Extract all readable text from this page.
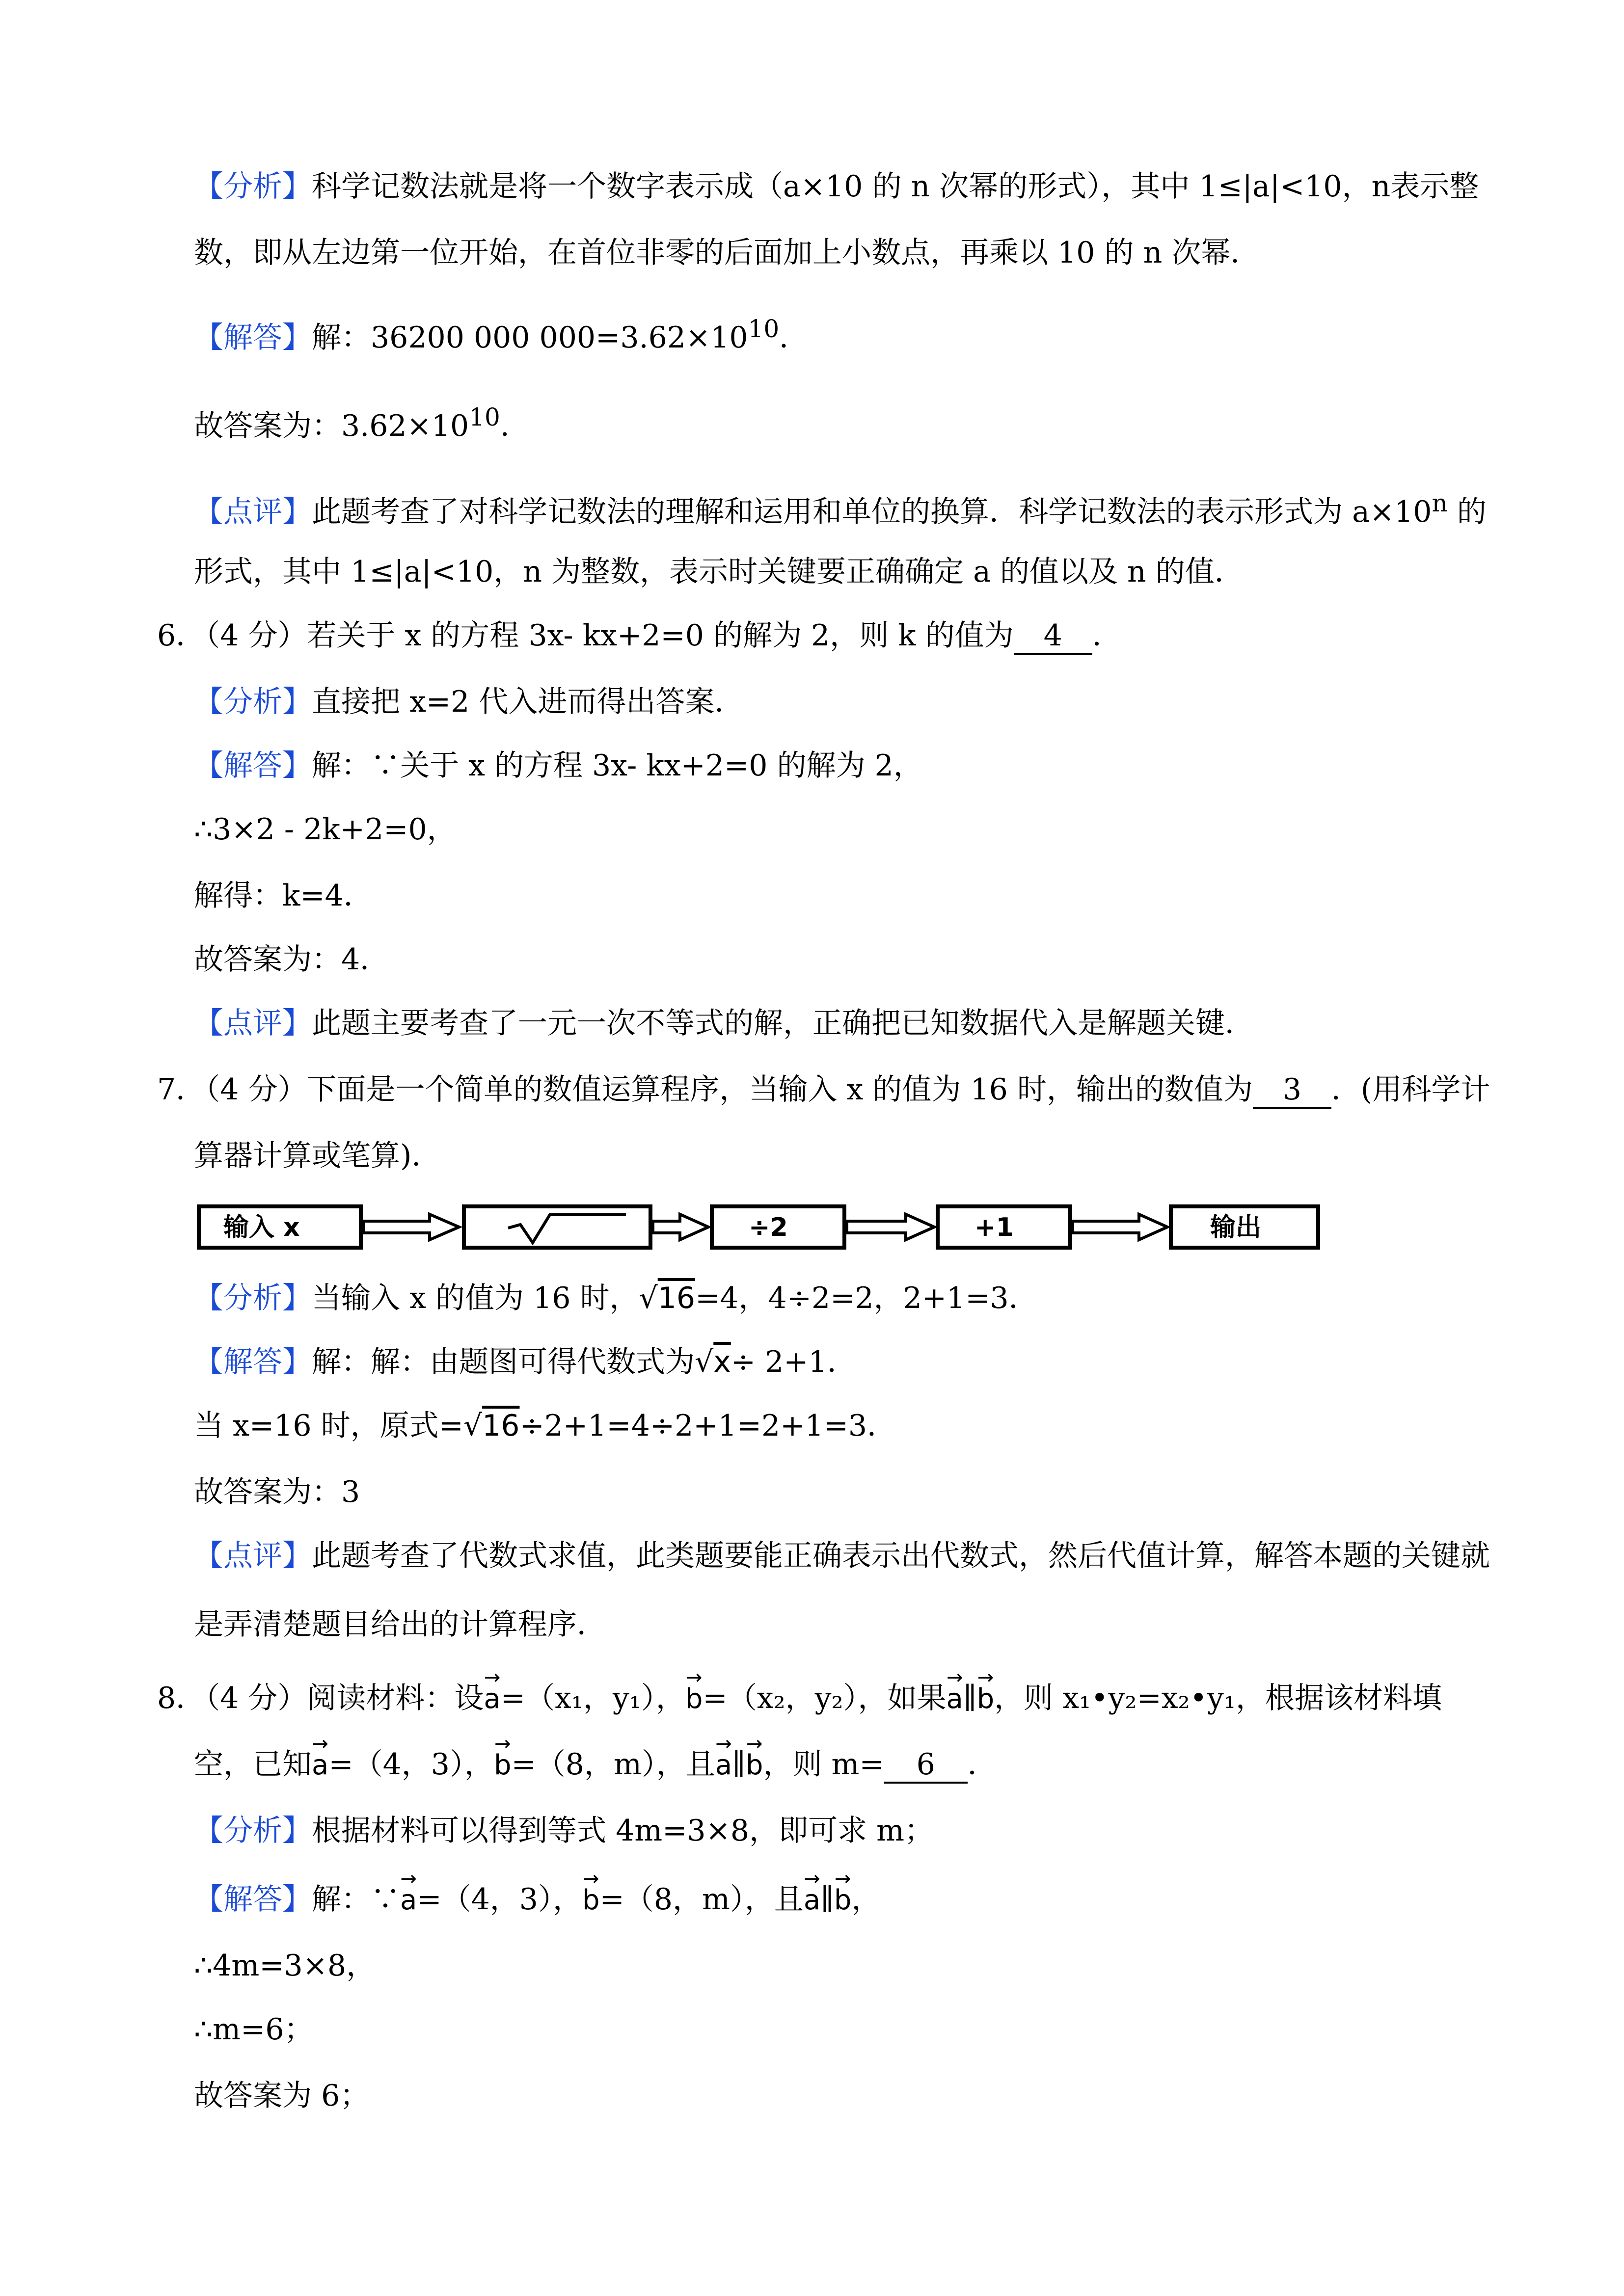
【分析】科学记数法就是将一个数字表示成（a×10 的 n 次幂的形式），其中 1≤|a|<10，n表示整
数，即从左边第一位开始，在首位非零的后面加上小数点，再乘以 10 的 n 次幂．
【解答】解：36200 000 $000=3.62\times 10^{10}$．
故答案为：$3.62\times 10^{10}$．
【点评】此题考查了对科学记数法的理解和运用和单位的换算．科学记数法的表示形式为 $a\times 10^n$ 的
形式，其中 1≤|a|<10，n 为整数，表示时关键要正确确定 a 的值以及 n 的值．
6．（4 分）若关于 x 的方程 3x- kx+2=0 的解为 2，则 k 的值为 4 ．
【分析】直接把 x=2 代入进而得出答案．
【解答】解：∵关于 x 的方程 3x- kx+2=0 的解为 2，
∴3×2 - 2k+2=0，
解得：k=4．
故答案为：4．
【点评】此题主要考查了一元一次不等式的解，正确把已知数据代入是解题关键．
7．（4 分）下面是一个简单的数值运算程序，当输入 x 的值为 16 时，输出的数值为 3 ．(用科学计
算器计算或笔算)．
输入 x	÷2	+1	输出
【分析】当输入 x 的值为 16 时，√16=4，4÷2=2，2+1=3．
【解答】解：解：由题图可得代数式为√x÷ 2+1．
当 x=16 时，原式=√16÷2+1=4÷2+1=2+1=3．
故答案为：3
【点评】此题考查了代数式求值，此类题要能正确表示出代数式，然后代值计算，解答本题的关键就
是弄清楚题目给出的计算程序．
8．（4 分）阅读材料：设→ a=（x₁，y₁），→ b=（x₂，y₂），如果→ a∥→ b，则 x₁•y₂=x₂•y₁，根据该材料填
空，已知→ a=（4，3），→ b=（8，m），且→ a∥→ b，则 m= 6 ．
【分析】根据材料可以得到等式 4m=3×8，即可求 m；
【解答】解：∵→ a=（4，3），→ b=（8，m），且→ a∥→ b，
∴4m=3×8，
∴m=6；
故答案为 6；
